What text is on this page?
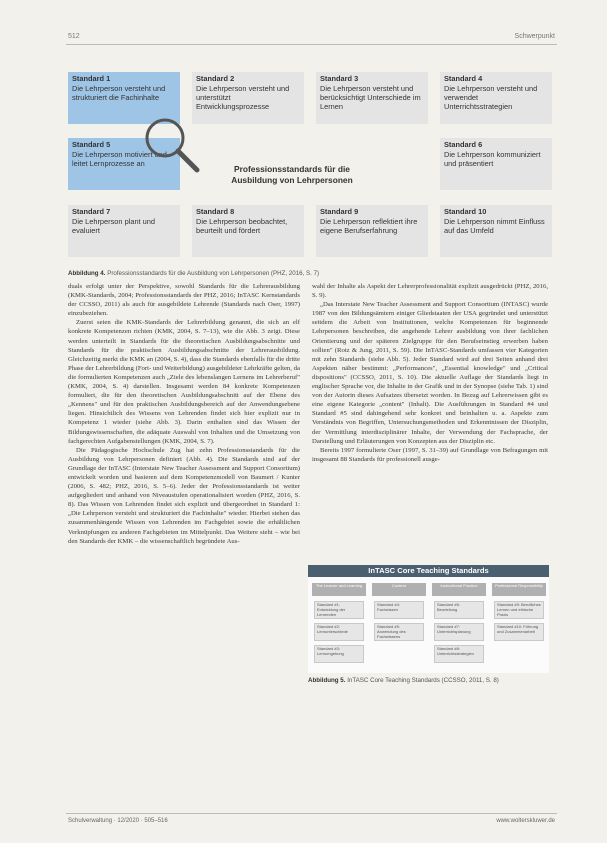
512	Schwerpunkt
Standard 1
Die Lehrperson versteht und strukturiert die Fachinhalte
Standard 2
Die Lehrperson versteht und unterstützt Entwicklungsprozesse
Standard 3
Die Lehrperson versteht und berücksichtigt Unterschiede im Lernen
Standard 4
Die Lehrperson versteht und verwendet Unterrichtsstrategien
Standard 5
Die Lehrperson motiviert und leitet Lernprozesse an
Professionsstandards für die Ausbildung von Lehrpersonen
Standard 6
Die Lehrperson kommuniziert und präsentiert
Standard 7
Die Lehrperson plant und evaluiert
Standard 8
Die Lehrperson beobachtet, beurteilt und fördert
Standard 9
Die Lehrperson reflektiert ihre eigene Berufserfahrung
Standard 10
Die Lehrperson nimmt Einfluss auf das Umfeld
Abbildung 4. Professionsstandards für die Ausbildung von Lehrpersonen (PHZ, 2016, S. 7)

duals erfolgt unter der Perspektive, sowohl Standards für die Lehrerausbildung (KMK-Standards, 2004; Professionsstandards der PHZ, 2016; InTASC Kernstandards der CCSSO, 2011) als auch für ausgebildete Lehrende (Standards nach Oser, 1997) einzubeziehen.

Zuerst seien die KMK-Standards der Lehrerbildung genannt, die sich an elf konkrete Kompetenzen richten (KMK, 2004, S. 7–13), wie die Abb. 3 zeigt. Diese werden unterteilt in Standards für die theoretischen Ausbildungsabschnitte und Standards für die praktischen Ausbildungsabschnitte der Lehrerausbildung. Gleichzeitig merkt die KMK an (2004, S. 4), dass die Standards ebenfalls für die dritte Phase der Lehrerbildung (Fort- und Weiterbildung) ausgebildeter Lehrkräfte gelten, da die formulierten Kompetenzen auch „Ziele des lebenslangen Lernens im Lehrerberuf" (KMK, 2004, S. 4) darstellen. Insgesamt werden 84 konkrete Kompetenzen formuliert, die für den theoretischen Ausbildungsabschnitt auf der Ebene des „Kennens" und für den praktischen Ausbildungsbereich auf der Anwendungsebene liegen. Hinsichtlich des Wissens von Lehrenden findet sich hier explizit nur in Kompetenz 1 wieder (siehe Abb. 3). Darin enthalten sind das Wissen der Bildungswissenschaften, die adäquate Auswahl von Inhalten und die Umsetzung von fachgerechten Aufgabenstellungen (KMK, 2004, S. 7).

Die Pädagogische Hochschule Zug hat zehn Professionsstandards für die Ausbildung von Lehrpersonen definiert (Abb. 4). Die Standards sind auf der Grundlage der InTASC (Interstate New Teacher Assessment and Support Consortium) entwickelt worden und basieren auf dem Kompetenzmodell von Baumert / Kunter (2006, S. 482; PHZ, 2016, S. 5–6). Jeder der Professionsstandards ist weiter aufgegliedert und anhand von Niveaustufen operationalisiert worden (PHZ, 2016, S. 8). Das Wissen von Lehrenden findet sich explizit und übergeordnet in Standard 1: „Die Lehrperson versteht und strukturiert die Fachinhalte" wieder. Hierbei stehen das zusammenhängende Wissen von Lehrenden im Fachgebiet sowie die erhältlichen Verknüpfungen zu anderen Fachgebieten im Mittelpunkt. Das Weitere steht – wie bei den Standards der KMK – die wissenschaftlich begründete Aus-

wahl der Inhalte als Aspekt der Lehrerprofessionalität explizit ausgedrückt (PHZ, 2016, S. 9).

„Das Interstate New Teacher Assessment and Support Consortium (INTASC) wurde 1987 von den Bildungsämtern einiger Gliedstaaten der USA gegründet und unterstützt seitdem die Arbeit von Institutionen, welche Kompetenzen für beginnende Lehrpersonen beschreiben, die angehende Lehrer ausbildung von ihrer fachlichen Orientierung und der späteren Zielgruppe für den Berufseinstieg erwerben haben sollten" (Rotz & Jung, 2011, S. 59). Die InTASC-Standards umfassen vier Kategorien mit zehn Standards (siehe Abb. 5). Jeder Standard wird auf drei Seiten anhand drei Aspekten näher bestimmt: „Performances", „Essential knowledge" und „Critical dispositions" (CCSSO, 2011, S. 10). Die aktuelle Auflage der Standards liegt in englischer Sprache vor, die Inhalte in der Grafik und in der Synopse (siehe Tab. 1) sind von der Autorin dieses Aufsatzes übersetzt worden. In Bezug auf Lehrerwissen gibt es eine eigene Kategorie „content" (Inhalt). Die Ausführungen in Standard #4 und Standard #5 sind dahingehend sehr konkret und beinhalten u. a. Aspekte zum Verständnis von Begriffen, Untersuchungsmethoden und Erkenntnissen der Disziplin, der Vermittlung interdisziplinärer Inhalte, der Verwendung der Fachsprache, der Darstellung und Erläuterungen von Konzepten aus der Disziplin etc.

Bereits 1997 formulierte Oser (1997, S. 31–39) auf Grundlage von Befragungen mit insgesamt 88 Standards für professionell ausge-

InTASC Core Teaching Standards
The Learner and Learning	Content	Instructional Practice	Professional Responsibility
Standard #1: Entwicklung der Lernenden
Standard #2: Lernunterschiede
Standard #3: Lernumgebung
Standard #4: Fachwissen
Standard #5: Anwendung des Fachwissens
Standard #6: Beurteilung
Standard #7: Unterrichtsplanung
Standard #8: Unterrichtsstrategien
Standard #9: Berufliches Lernen und ethische Praxis
Standard #10: Führung und Zusammenarbeit
Abbildung 5. InTASC Core Teaching Standards (CCSSO, 2011, S. 8)
Schulverwaltung · 12/2020 · 505–516	www.wolterskluwer.de
